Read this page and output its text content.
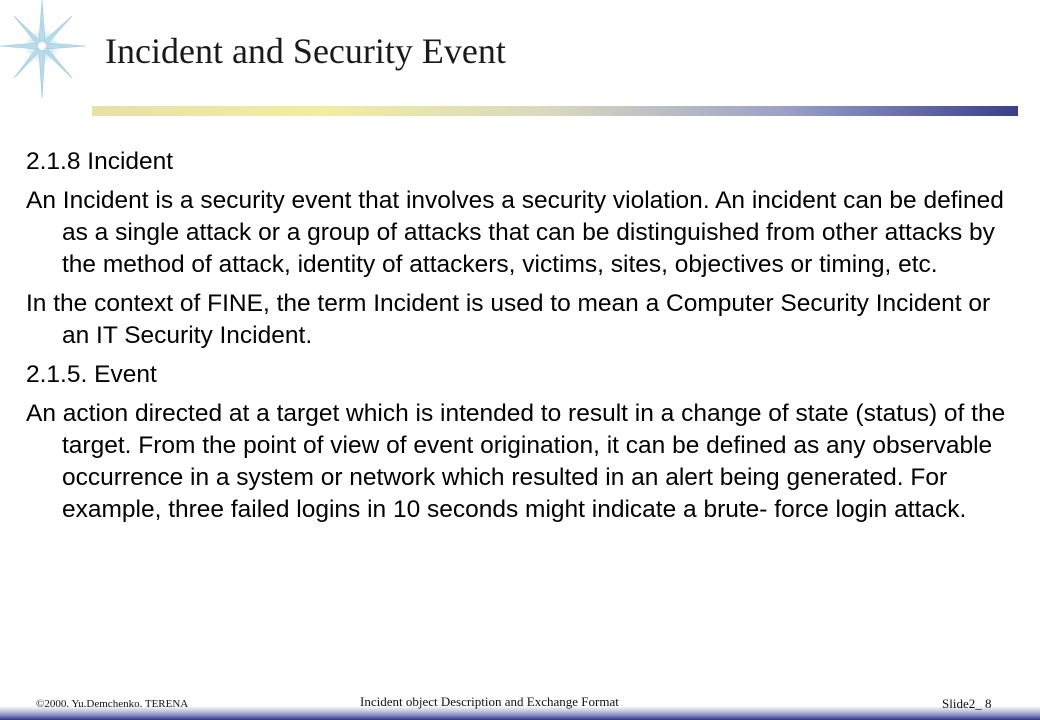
Incident and Security Event

2.1.8 Incident

An Incident is a security event that involves a security violation. An incident can be defined as a single attack or a group of attacks that can be distinguished from other attacks by the method of attack, identity of attackers, victims, sites, objectives or timing, etc.

In the context of FINE, the term Incident is used to mean a Computer Security Incident or an IT Security Incident.

2.1.5. Event

An action directed at a target which is intended to result in a change of state (status) of the target. From the point of view of event origination, it can be defined as any observable occurrence in a system or network which resulted in an alert being generated. For example, three failed logins in 10 seconds might indicate a brute- force login attack.

©2000. Yu.Demchenko. TERENA	Incident object Description and Exchange Format	Slide2_ 8
